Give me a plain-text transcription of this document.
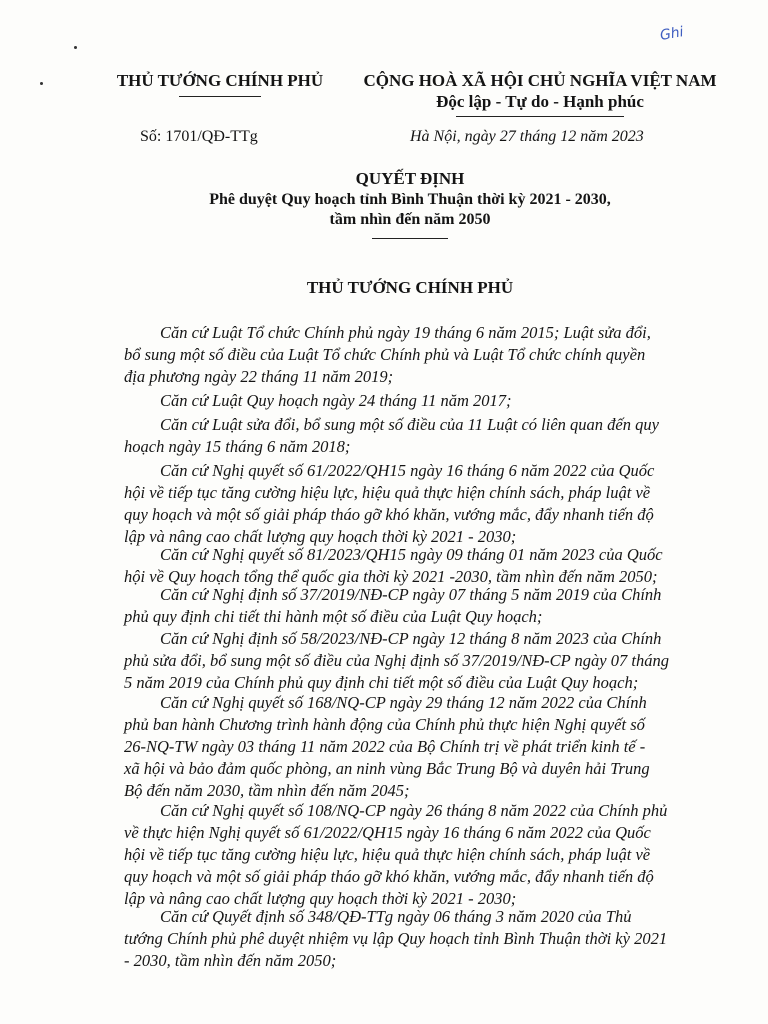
Ghi
THỦ TƯỚNG CHÍNH PHỦ	CỘNG HOÀ XÃ HỘI CHỦ NGHĨA VIỆT NAM
Độc lập - Tự do - Hạnh phúc
Số: 1701/QĐ-TTg	Hà Nội, ngày 27 tháng 12 năm 2023
QUYẾT ĐỊNH
Phê duyệt Quy hoạch tỉnh Bình Thuận thời kỳ 2021 - 2030,
tầm nhìn đến năm 2050
THỦ TƯỚNG CHÍNH PHỦ
Căn cứ Luật Tổ chức Chính phủ ngày 19 tháng 6 năm 2015; Luật sửa đổi,
bổ sung một số điều của Luật Tổ chức Chính phủ và Luật Tổ chức chính quyền
địa phương ngày 22 tháng 11 năm 2019;
Căn cứ Luật Quy hoạch ngày 24 tháng 11 năm 2017;
Căn cứ Luật sửa đổi, bổ sung một số điều của 11 Luật có liên quan đến quy
hoạch ngày 15 tháng 6 năm 2018;
Căn cứ Nghị quyết số 61/2022/QH15 ngày 16 tháng 6 năm 2022 của Quốc
hội về tiếp tục tăng cường hiệu lực, hiệu quả thực hiện chính sách, pháp luật về
quy hoạch và một số giải pháp tháo gỡ khó khăn, vướng mắc, đẩy nhanh tiến độ
lập và nâng cao chất lượng quy hoạch thời kỳ 2021 - 2030;
Căn cứ Nghị quyết số 81/2023/QH15 ngày 09 tháng 01 năm 2023 của Quốc
hội về Quy hoạch tổng thể quốc gia thời kỳ 2021 -2030, tầm nhìn đến năm 2050;
Căn cứ Nghị định số 37/2019/NĐ-CP ngày 07 tháng 5 năm 2019 của Chính
phủ quy định chi tiết thi hành một số điều của Luật Quy hoạch;
Căn cứ Nghị định số 58/2023/NĐ-CP ngày 12 tháng 8 năm 2023 của Chính
phủ sửa đổi, bổ sung một số điều của Nghị định số 37/2019/NĐ-CP ngày 07 tháng
5 năm 2019 của Chính phủ quy định chi tiết một số điều của Luật Quy hoạch;
Căn cứ Nghị quyết số 168/NQ-CP ngày 29 tháng 12 năm 2022 của Chính
phủ ban hành Chương trình hành động của Chính phủ thực hiện Nghị quyết số
26-NQ-TW ngày 03 tháng 11 năm 2022 của Bộ Chính trị về phát triển kinh tế -
xã hội và bảo đảm quốc phòng, an ninh vùng Bắc Trung Bộ và duyên hải Trung
Bộ đến năm 2030, tầm nhìn đến năm 2045;
Căn cứ Nghị quyết số 108/NQ-CP ngày 26 tháng 8 năm 2022 của Chính phủ
về thực hiện Nghị quyết số 61/2022/QH15 ngày 16 tháng 6 năm 2022 của Quốc
hội về tiếp tục tăng cường hiệu lực, hiệu quả thực hiện chính sách, pháp luật về
quy hoạch và một số giải pháp tháo gỡ khó khăn, vướng mắc, đẩy nhanh tiến độ
lập và nâng cao chất lượng quy hoạch thời kỳ 2021 - 2030;
Căn cứ Quyết định số 348/QĐ-TTg ngày 06 tháng 3 năm 2020 của Thủ
tướng Chính phủ phê duyệt nhiệm vụ lập Quy hoạch tỉnh Bình Thuận thời kỳ 2021
- 2030, tầm nhìn đến năm 2050;
